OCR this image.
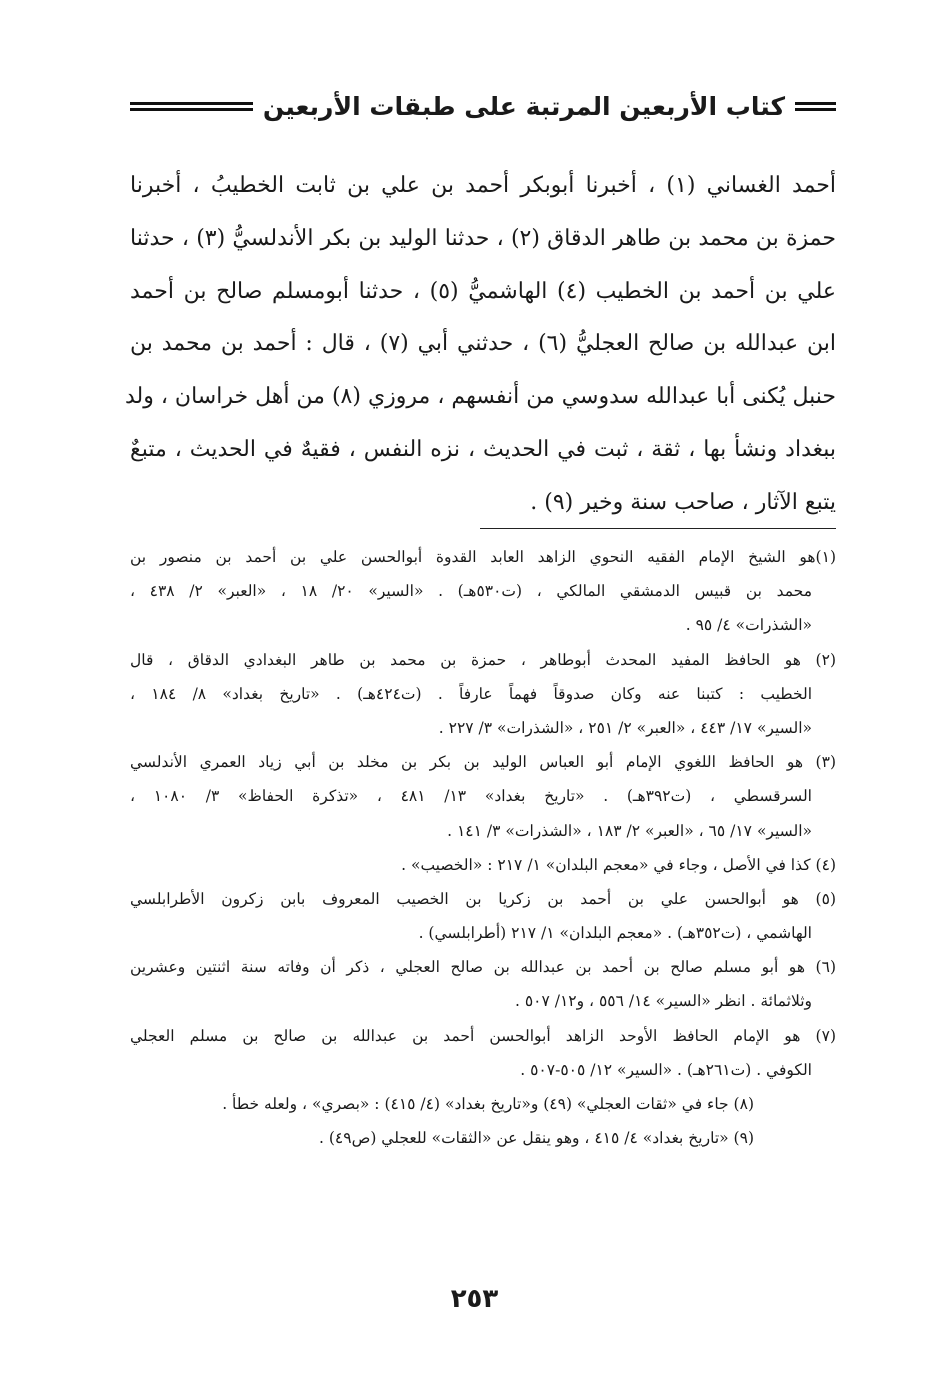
كتاب الأربعين المرتبة على طبقات الأربعين
أحمد الغساني (١) ، أخبرنا أبوبكر أحمد بن علي بن ثابت الخطيبُ ، أخبرنا
حمزة بن محمد بن طاهر الدقاق (٢) ، حدثنا الوليد بن بكر الأندلسيُّ (٣) ، حدثنا
علي بن أحمد بن الخطيب (٤) الهاشميُّ (٥) ، حدثنا أبومسلم صالح بن أحمد
ابن عبدالله بن صالح العجليُّ (٦) ، حدثني أبي (٧) ، قال : أحمد بن محمد بن
حنبل يُكنى أبا عبدالله سدوسي من أنفسهم ، مروزي (٨) من أهل خراسان ، ولد
ببغداد ونشأ بها ، ثقة ، ثبت في الحديث ، نزه النفس ، فقيهٌ في الحديث ، متبعٌ
يتبع الآثار ، صاحب سنة وخير (٩) .
(١)هو الشيخ الإمام الفقيه النحوي الزاهد العابد القدوة أبوالحسن علي بن أحمد بن منصور بن
محمد بن قبيس الدمشقي المالكي ، (ت٥٣٠هـ) . «السير» ٢٠/ ١٨ ، «العبر» ٢/ ٤٣٨ ،
«الشذرات» ٤/ ٩٥ .
(٢) هو الحافظ المفيد المحدث أبوطاهر ، حمزة بن محمد بن طاهر البغدادي الدقاق ، قال
الخطيب : كتبنا عنه وكان صدوقاً فهماً عارفاً . (ت٤٢٤هـ) . «تاريخ بغداد» ٨/ ١٨٤ ،
«السير» ١٧/ ٤٤٣ ، «العبر» ٢/ ٢٥١ ، «الشذرات» ٣/ ٢٢٧ .
(٣) هو الحافظ اللغوي الإمام أبو العباس الوليد بن بكر بن مخلد بن أبي زياد العمري الأندلسي
السرقسطي ، (ت٣٩٢هـ) . «تاريخ بغداد» ١٣/ ٤٨١ ، «تذكرة الحفاظ» ٣/ ١٠٨٠ ،
«السير» ١٧/ ٦٥ ، «العبر» ٢/ ١٨٣ ، «الشذرات» ٣/ ١٤١ .
(٤) كذا في الأصل ، وجاء في «معجم البلدان» ١/ ٢١٧ : «الخصيب» .
(٥) هو أبوالحسن علي بن أحمد بن زكريا بن الخصيب المعروف بابن زكرون الأطرابلسي
الهاشمي ، (ت٣٥٢هـ) . «معجم البلدان» ١/ ٢١٧ (أطرابلسي) .
(٦) هو أبو مسلم صالح بن أحمد بن عبدالله بن صالح العجلي ، ذكر أن وفاته سنة اثنتين وعشرين
وثلاثمائة . انظر «السير» ١٤/ ٥٥٦ ، و١٢/ ٥٠٧ .
(٧) هو الإمام الحافظ الأوحد الزاهد أبوالحسن أحمد بن عبدالله بن صالح بن مسلم العجلي
الكوفي . (ت٢٦١هـ) . «السير» ١٢/ ٥٠٥-٥٠٧ .
(٨) جاء في «ثقات العجلي» (٤٩) و«تاريخ بغداد» (٤/ ٤١٥) : «بصري» ، ولعله خطأ .
(٩) «تاريخ بغداد» ٤/ ٤١٥ ، وهو ينقل عن «الثقات» للعجلي (ص٤٩) .
٢٥٣
